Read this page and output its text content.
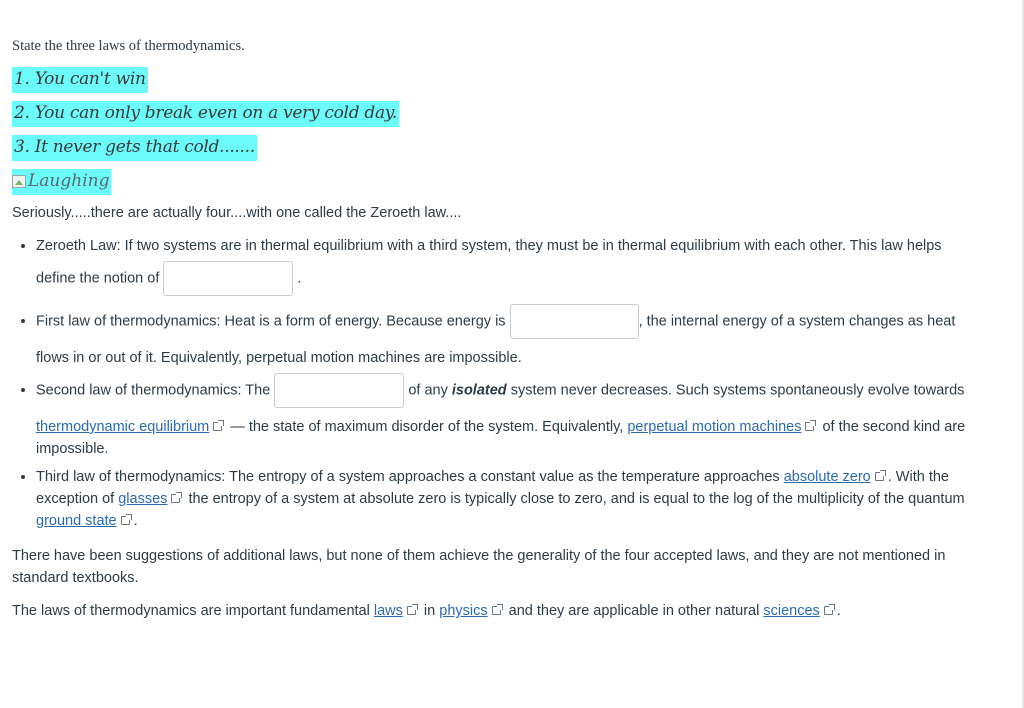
State the three laws of thermodynamics.
1. You can't win
2. You can only break even on a very cold day.
3. It never gets that cold.......
Laughing

Seriously.....there are actually four....with one called the Zeroeth law....

• Zeroeth Law: If two systems are in thermal equilibrium with a third system, they must be in thermal equilibrium with each other. This law helps
define the notion of	.
• First law of thermodynamics: Heat is a form of energy. Because energy is	, the internal energy of a system changes as heat
flows in or out of it. Equivalently, perpetual motion machines are impossible.
• Second law of thermodynamics: The	of any isolated system never decreases. Such systems spontaneously evolve towards
thermodynamic equilibrium — the state of maximum disorder of the system. Equivalently, perpetual motion machines of the second kind are impossible.
• Third law of thermodynamics: The entropy of a system approaches a constant value as the temperature approaches absolute zero . With the exception of glasses the entropy of a system at absolute zero is typically close to zero, and is equal to the log of the multiplicity of the quantum ground state .

There have been suggestions of additional laws, but none of them achieve the generality of the four accepted laws, and they are not mentioned in standard textbooks.

The laws of thermodynamics are important fundamental laws in physics and they are applicable in other natural sciences .
